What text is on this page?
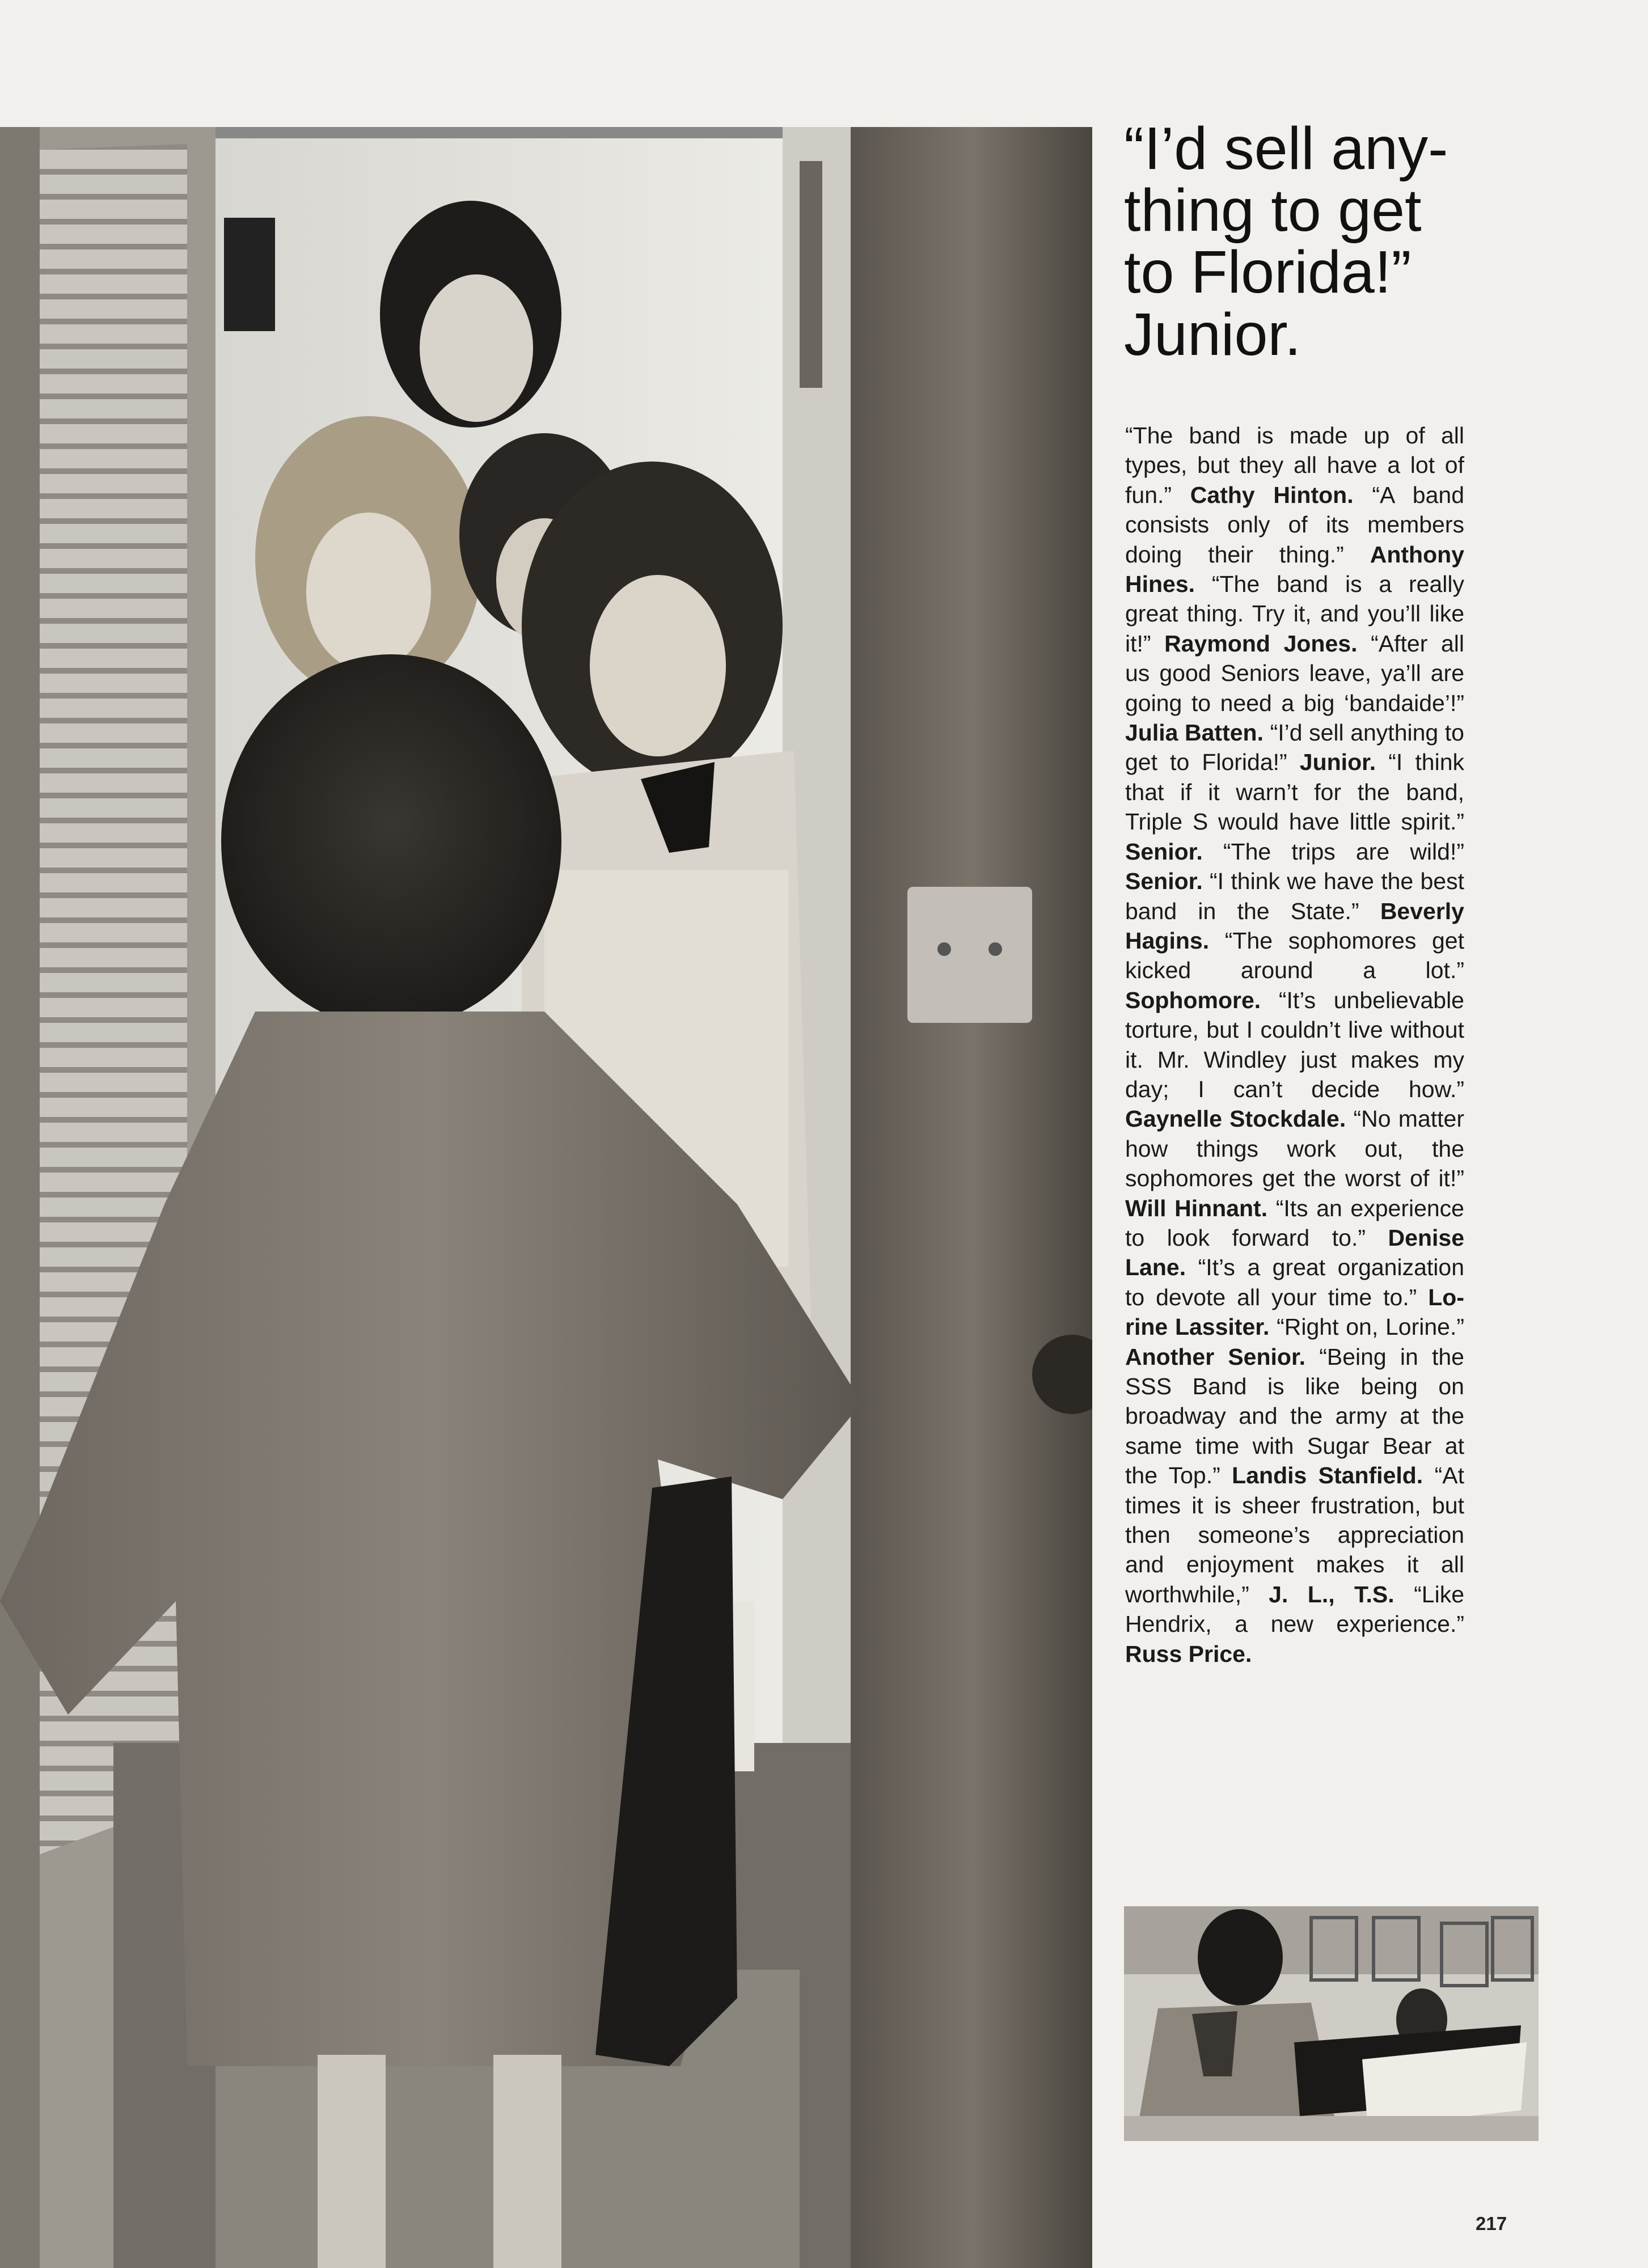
“I’d sell any-
thing to get
to Florida!”
Junior.
“The band is made up of all types, but they all have a lot of fun.” Cathy Hinton. “A band consists only of its members doing their thing.” Anthony Hines. “The band is a really great thing. Try it, and you’ll like it!” Raymond Jones. “After all us good Seniors leave, ya’ll are going to need a big ‘bandaide’!” Julia Batten. “I’d sell anything to get to Florida!” Junior. “I think that if it warn’t for the band, Triple S would have little spirit.” Senior. “The trips are wild!” Senior. “I think we have the best band in the State.” Beverly Hagins. “The sophomores get kicked around a lot.” Sophomore. “It’s unbelievable torture, but I couldn’t live without it. Mr. Windley just makes my day; I can’t decide how.” Gaynelle Stockdale. “No matter how things work out, the sophomores get the worst of it!” Will Hinnant. “Its an experience to look forward to.” Denise Lane. “It’s a great organization to devote all your time to.” Lorine Lassiter. “Right on, Lorine.” Another Senior. “Being in the SSS Band is like being on broadway and the army at the same time with Sugar Bear at the Top.” Landis Stanfield. “At times it is sheer frustration, but then someone’s appreciation and enjoyment makes it all worthwhile,” J. L., T.S. “Like Hendrix, a new experience.” Russ Price.
217
